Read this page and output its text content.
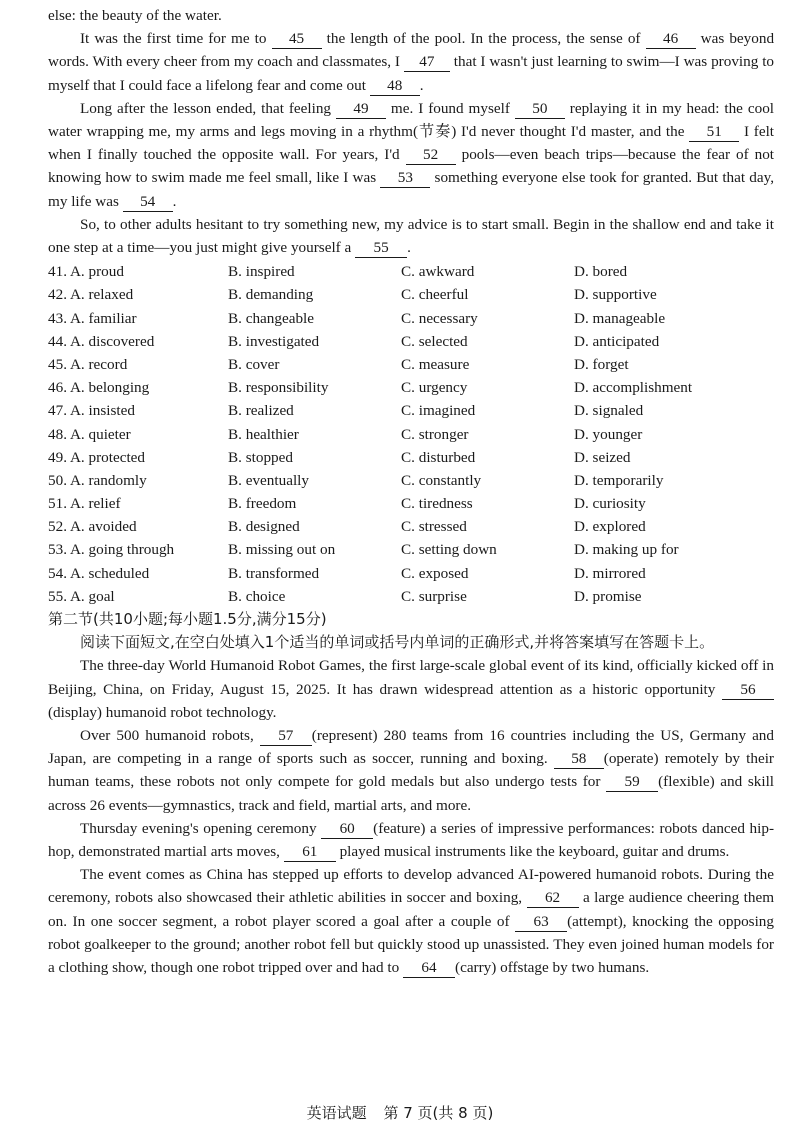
else: the beauty of the water.

It was the first time for me to 45 the length of the pool. In the process, the sense of 46 was beyond words. With every cheer from my coach and classmates, I 47 that I wasn't just learning to swim—I was proving to myself that I could face a lifelong fear and come out 48 .

Long after the lesson ended, that feeling 49 me. I found myself 50 replaying it in my head: the cool water wrapping me, my arms and legs moving in a rhythm(节奏) I'd never thought I'd master, and the 51 I felt when I finally touched the opposite wall. For years, I'd 52 pools—even beach trips—because the fear of not knowing how to swim made me feel small, like I was 53 something everyone else took for granted. But that day, my life was 54 .

So, to other adults hesitant to try something new, my advice is to start small. Begin in the shallow end and take it one step at a time—you just might give yourself a 55 .

41. A. proud	B. inspired	C. awkward	D. bored
42. A. relaxed	B. demanding	C. cheerful	D. supportive
43. A. familiar	B. changeable	C. necessary	D. manageable
44. A. discovered	B. investigated	C. selected	D. anticipated
45. A. record	B. cover	C. measure	D. forget
46. A. belonging	B. responsibility	C. urgency	D. accomplishment
47. A. insisted	B. realized	C. imagined	D. signaled
48. A. quieter	B. healthier	C. stronger	D. younger
49. A. protected	B. stopped	C. disturbed	D. seized
50. A. randomly	B. eventually	C. constantly	D. temporarily
51. A. relief	B. freedom	C. tiredness	D. curiosity
52. A. avoided	B. designed	C. stressed	D. explored
53. A. going through	B. missing out on	C. setting down	D. making up for
54. A. scheduled	B. transformed	C. exposed	D. mirrored
55. A. goal	B. choice	C. surprise	D. promise

第二节(共10小题;每小题1.5分,满分15分)

阅读下面短文,在空白处填入1个适当的单词或括号内单词的正确形式,并将答案填写在答题卡上。

The three-day World Humanoid Robot Games, the first large-scale global event of its kind, officially kicked off in Beijing, China, on Friday, August 15, 2025. It has drawn widespread attention as a historic opportunity 56(display) humanoid robot technology.

Over 500 humanoid robots, 57 (represent) 280 teams from 16 countries including the US, Germany and Japan, are competing in a range of sports such as soccer, running and boxing. 58 (operate) remotely by their human teams, these robots not only compete for gold medals but also undergo tests for 59 (flexible) and skill across 26 events—gymnastics, track and field, martial arts, and more.

Thursday evening's opening ceremony 60 (feature) a series of impressive performances: robots danced hip-hop, demonstrated martial arts moves, 61 played musical instruments like the keyboard, guitar and drums.

The event comes as China has stepped up efforts to develop advanced AI-powered humanoid robots. During the ceremony, robots also showcased their athletic abilities in soccer and boxing, 62 a large audience cheering them on. In one soccer segment, a robot player scored a goal after a couple of 63 (attempt), knocking the opposing robot goalkeeper to the ground; another robot fell but quickly stood up unassisted. They even joined human models for a clothing show, though one robot tripped over and had to 64 (carry) offstage by two humans.

英语试题 第 7 页(共 8 页)
